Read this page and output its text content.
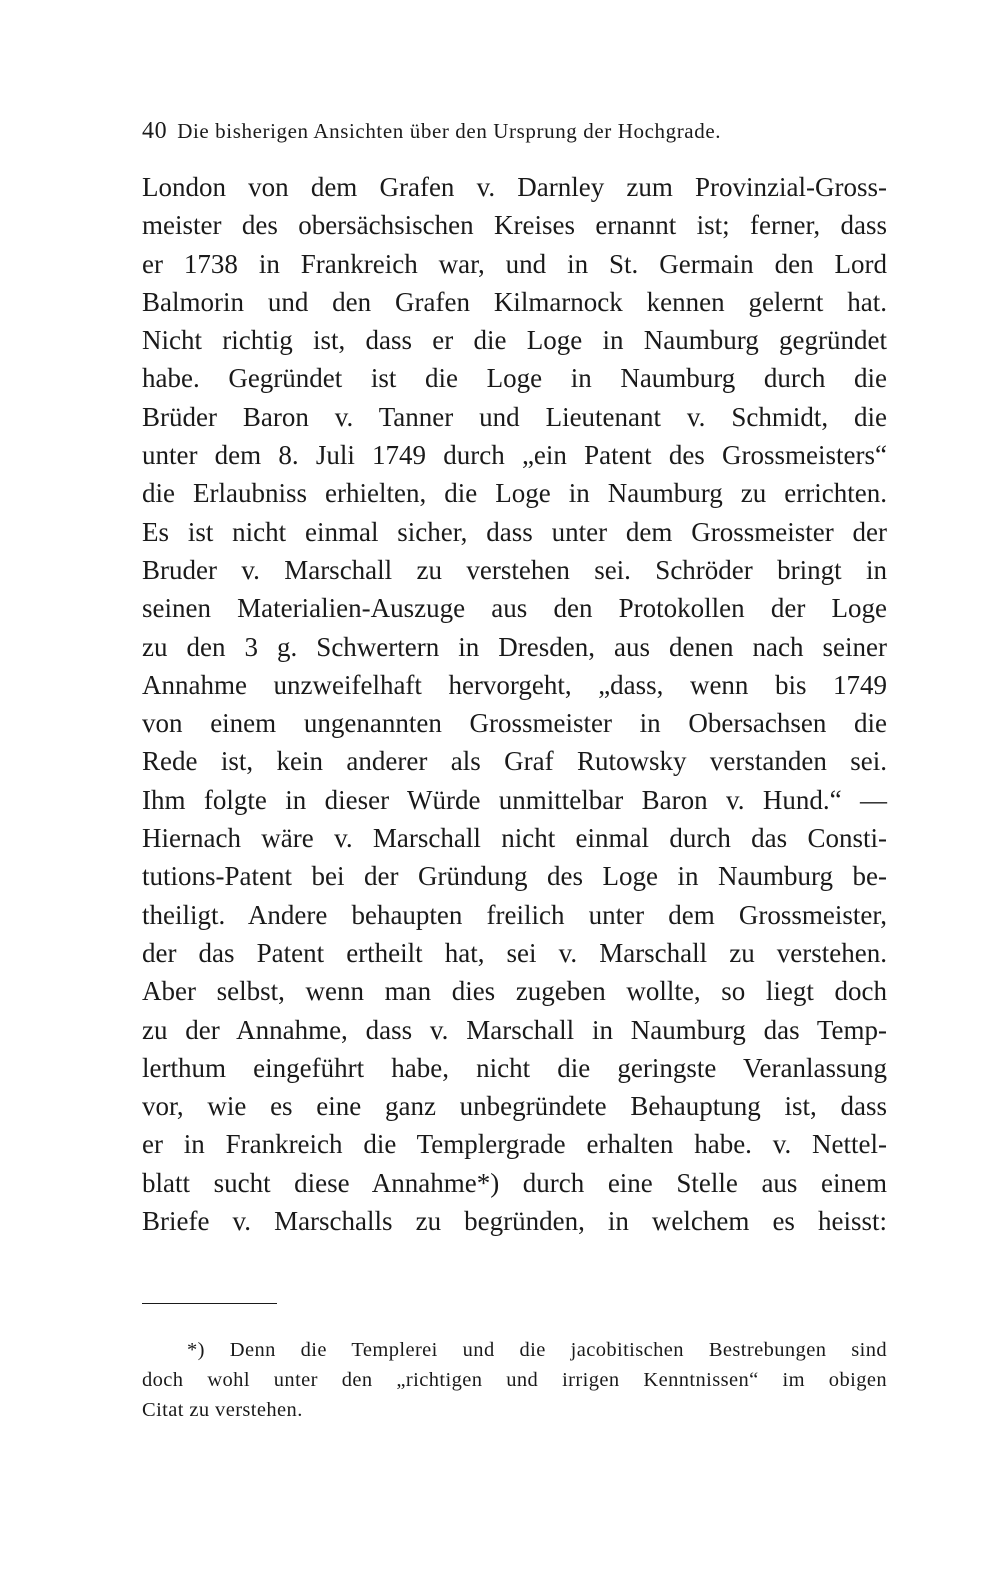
40 Die bisherigen Ansichten über den Ursprung der Hochgrade.
London von dem Grafen v. Darnley zum Provinzial-Gross-
meister des obersächsischen Kreises ernannt ist; ferner, dass
er 1738 in Frankreich war, und in St. Germain den Lord
Balmorin und den Grafen Kilmarnock kennen gelernt hat.
Nicht richtig ist, dass er die Loge in Naumburg gegründet
habe. Gegründet ist die Loge in Naumburg durch die
Brüder Baron v. Tanner und Lieutenant v. Schmidt, die
unter dem 8. Juli 1749 durch „ein Patent des Grossmeisters“
die Erlaubniss erhielten, die Loge in Naumburg zu errichten.
Es ist nicht einmal sicher, dass unter dem Grossmeister der
Bruder v. Marschall zu verstehen sei. Schröder bringt in
seinen Materialien-Auszuge aus den Protokollen der Loge
zu den 3 g. Schwertern in Dresden, aus denen nach seiner
Annahme unzweifelhaft hervorgeht, „dass, wenn bis 1749
von einem ungenannten Grossmeister in Obersachsen die
Rede ist, kein anderer als Graf Rutowsky verstanden sei.
Ihm folgte in dieser Würde unmittelbar Baron v. Hund.“ —
Hiernach wäre v. Marschall nicht einmal durch das Consti-
tutions-Patent bei der Gründung des Loge in Naumburg be-
theiligt. Andere behaupten freilich unter dem Grossmeister,
der das Patent ertheilt hat, sei v. Marschall zu verstehen.
Aber selbst, wenn man dies zugeben wollte, so liegt doch
zu der Annahme, dass v. Marschall in Naumburg das Temp-
lerthum eingeführt habe, nicht die geringste Veranlassung
vor, wie es eine ganz unbegründete Behauptung ist, dass
er in Frankreich die Templergrade erhalten habe. v. Nettel-
blatt sucht diese Annahme*) durch eine Stelle aus einem
Briefe v. Marschalls zu begründen, in welchem es heisst:
*) Denn die Templerei und die jacobitischen Bestrebungen sind
doch wohl unter den „richtigen und irrigen Kenntnissen“ im obigen
Citat zu verstehen.
